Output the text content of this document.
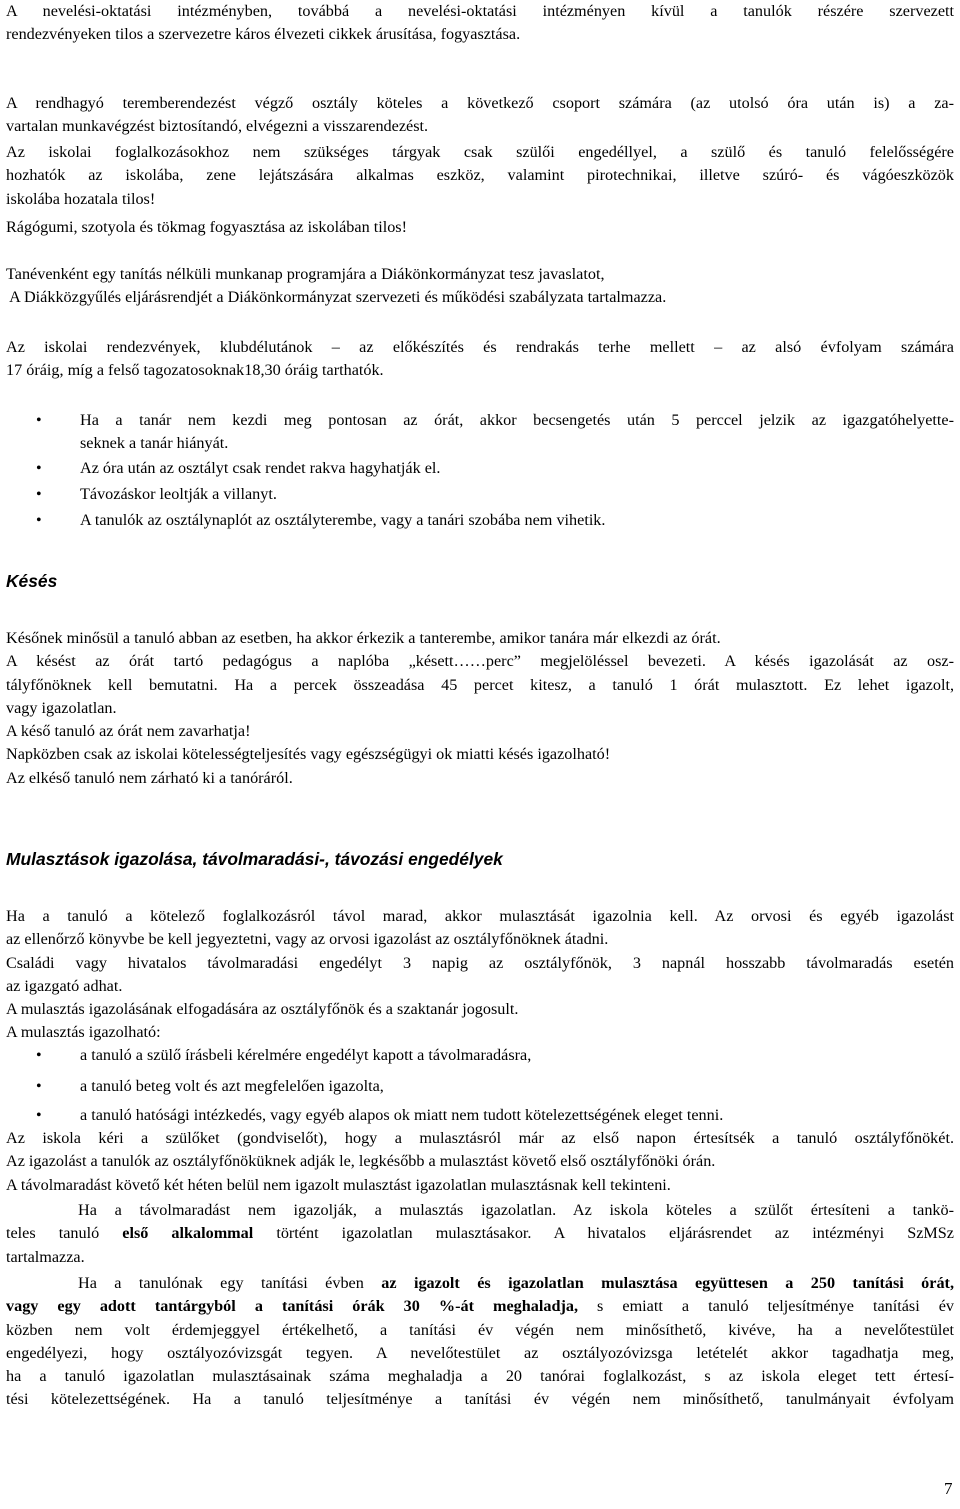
A nevelési-oktatási intézményben, továbbá a nevelési-oktatási intézményen kívül a tanulók részére szervezett
rendezvényeken tilos a szervezetre káros élvezeti cikkek árusítása, fogyasztása.

A rendhagyó teremberendezést végző osztály köteles a következő csoport számára (az utolsó óra után is) a za-
vartalan munkavégzést biztosítandó, elvégezni a visszarendezést.

Az iskolai foglalkozásokhoz nem szükséges tárgyak csak szülői engedéllyel, a szülő és tanuló felelősségére
hozhatók az iskolába, zene lejátszására alkalmas eszköz, valamint pirotechnikai, illetve szúró- és vágóeszközök
iskolába hozatala tilos!

Rágógumi, szotyola és tökmag fogyasztása az iskolában tilos!

Tanévenként egy tanítás nélküli munkanap programjára a Diákönkormányzat tesz javaslatot,
A Diákközgyűlés eljárásrendjét a Diákönkormányzat szervezeti és működési szabályzata tartalmazza.

Az iskolai rendezvények, klubdélutánok – az előkészítés és rendrakás terhe mellett – az alsó évfolyam számára
17 óráig, míg a felső tagozatosoknak18,30 óráig tarthatók.

• Ha a tanár nem kezdi meg pontosan az órát, akkor becsengetés után 5 perccel jelzik az igazgatóhelyette-
seknek a tanár hiányát.
• Az óra után az osztályt csak rendet rakva hagyhatják el.
• Távozáskor leoltják a villanyt.
• A tanulók az osztálynaplót az osztályterembe, vagy a tanári szobába nem vihetik.
Késés

Későnek minősül a tanuló abban az esetben, ha akkor érkezik a tanterembe, amikor tanára már elkezdi az órát.
A késést az órát tartó pedagógus a naplóba „késett……perc” megjelöléssel bevezeti. A késés igazolását az osz-
tályfőnöknek kell bemutatni. Ha a percek összeadása 45 percet kitesz, a tanuló 1 órát mulasztott. Ez lehet igazolt,
vagy igazolatlan.
A késő tanuló az órát nem zavarhatja!
Napközben csak az iskolai kötelességteljesítés vagy egészségügyi ok miatti késés igazolható!
Az elkéső tanuló nem zárható ki a tanóráról.

Mulasztások igazolása, távolmaradási-, távozási engedélyek

Ha a tanuló a kötelező foglalkozásról távol marad, akkor mulasztását igazolnia kell. Az orvosi és egyéb igazolást
az ellenőrző könyvbe be kell jegyeztetni, vagy az orvosi igazolást az osztályfőnöknek átadni.
Családi vagy hivatalos távolmaradási engedélyt 3 napig az osztályfőnök, 3 napnál hosszabb távolmaradás esetén
az igazgató adhat.
A mulasztás igazolásának elfogadására az osztályfőnök és a szaktanár jogosult.
A mulasztás igazolható:

• a tanuló a szülő írásbeli kérelmére engedélyt kapott a távolmaradásra,
• a tanuló beteg volt és azt megfelelően igazolta,
• a tanuló hatósági intézkedés, vagy egyéb alapos ok miatt nem tudott kötelezettségének eleget tenni.

Az iskola kéri a szülőket (gondviselőt), hogy a mulasztásról már az első napon értesítsék a tanuló osztályfőnökét.
Az igazolást a tanulók az osztályfőnöküknek adják le, legkésőbb a mulasztást követő első osztályfőnöki órán.
A távolmaradást követő két héten belül nem igazolt mulasztást igazolatlan mulasztásnak kell tekinteni.

Ha a távolmaradást nem igazolják, a mulasztás igazolatlan. Az iskola köteles a szülőt értesíteni a tankö-
teles tanuló első alkalommal történt igazolatlan mulasztásakor. A hivatalos eljárásrendet az intézményi SzMSz
tartalmazza.

Ha a tanulónak egy tanítási évben az igazolt és igazolatlan mulasztása együttesen a 250 tanítási órát,
vagy egy adott tantárgyból a tanítási órák 30 %-át meghaladja, s emiatt a tanuló teljesítménye tanítási év
közben nem volt érdemjeggyel értékelhető, a tanítási év végén nem minősíthető, kivéve, ha a nevelőtestület
engedélyezi, hogy osztályozóvizsgát tegyen. A nevelőtestület az osztályozóvizsga letételét akkor tagadhatja meg,
ha a tanuló igazolatlan mulasztásainak száma meghaladja a 20 tanórai foglalkozást, s az iskola eleget tett értesí-
tési kötelezettségének. Ha a tanuló teljesítménye a tanítási év végén nem minősíthető, tanulmányait évfolyam

7
